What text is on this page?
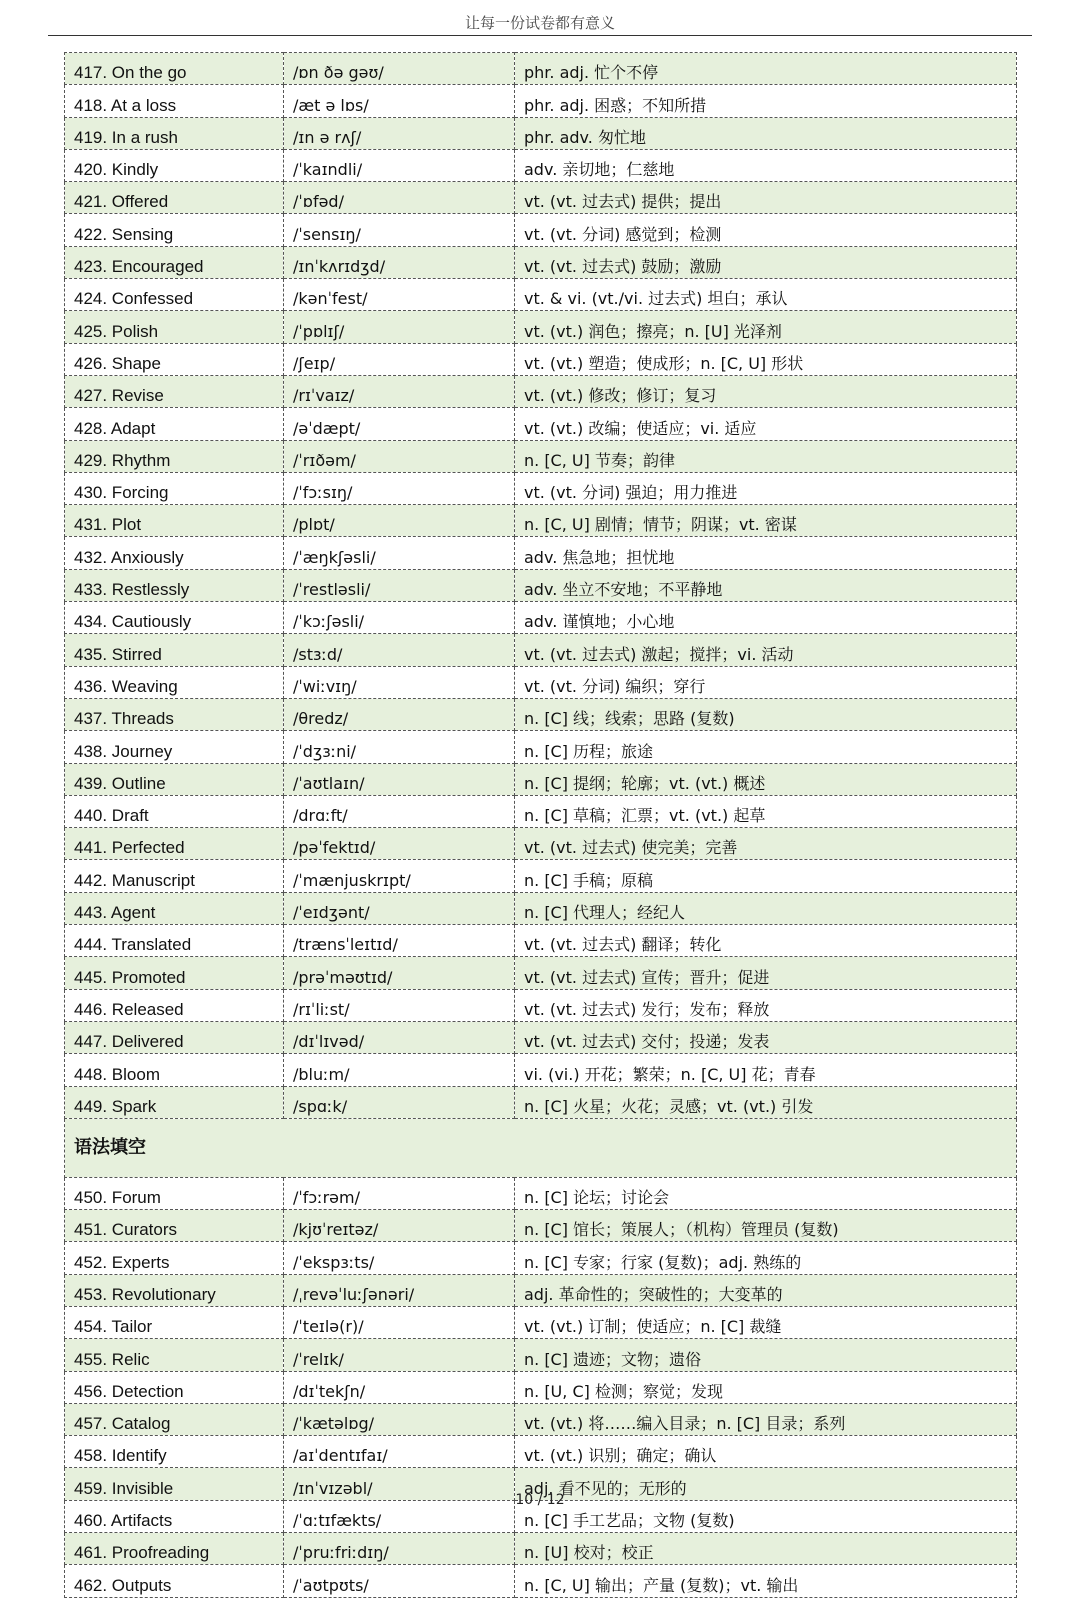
让每一份试卷都有意义
417. On the go	/ɒn ðə gəʊ/	phr. adj. 忙个不停
418. At a loss	/æt ə lɒs/	phr. adj. 困惑；不知所措
419. In a rush	/ɪn ə rʌʃ/	phr. adv. 匆忙地
420. Kindly	/ˈkaɪndli/	adv. 亲切地；仁慈地
421. Offered	/ˈɒfəd/	vt. (vt. 过去式) 提供；提出
422. Sensing	/ˈsensɪŋ/	vt. (vt. 分词) 感觉到；检测
423. Encouraged	/ɪnˈkʌrɪdʒd/	vt. (vt. 过去式) 鼓励；激励
424. Confessed	/kənˈfest/	vt. & vi. (vt./vi. 过去式) 坦白；承认
425. Polish	/ˈpɒlɪʃ/	vt. (vt.) 润色；擦亮；n. [U] 光泽剂
426. Shape	/ʃeɪp/	vt. (vt.) 塑造；使成形；n. [C, U] 形状
427. Revise	/rɪˈvaɪz/	vt. (vt.) 修改；修订；复习
428. Adapt	/əˈdæpt/	vt. (vt.) 改编；使适应；vi. 适应
429. Rhythm	/ˈrɪðəm/	n. [C, U] 节奏；韵律
430. Forcing	/ˈfɔːsɪŋ/	vt. (vt. 分词) 强迫；用力推进
431. Plot	/plɒt/	n. [C, U] 剧情；情节；阴谋；vt. 密谋
432. Anxiously	/ˈæŋkʃəsli/	adv. 焦急地；担忧地
433. Restlessly	/ˈrestləsli/	adv. 坐立不安地；不平静地
434. Cautiously	/ˈkɔːʃəsli/	adv. 谨慎地；小心地
435. Stirred	/stɜːd/	vt. (vt. 过去式) 激起；搅拌；vi. 活动
436. Weaving	/ˈwiːvɪŋ/	vt. (vt. 分词) 编织；穿行
437. Threads	/θredz/	n. [C] 线；线索；思路 (复数)
438. Journey	/ˈdʒɜːni/	n. [C] 历程；旅途
439. Outline	/ˈaʊtlaɪn/	n. [C] 提纲；轮廓；vt. (vt.) 概述
440. Draft	/drɑːft/	n. [C] 草稿；汇票；vt. (vt.) 起草
441. Perfected	/pəˈfektɪd/	vt. (vt. 过去式) 使完美；完善
442. Manuscript	/ˈmænjuskrɪpt/	n. [C] 手稿；原稿
443. Agent	/ˈeɪdʒənt/	n. [C] 代理人；经纪人
444. Translated	/trænsˈleɪtɪd/	vt. (vt. 过去式) 翻译；转化
445. Promoted	/prəˈməʊtɪd/	vt. (vt. 过去式) 宣传；晋升；促进
446. Released	/rɪˈliːst/	vt. (vt. 过去式) 发行；发布；释放
447. Delivered	/dɪˈlɪvəd/	vt. (vt. 过去式) 交付；投递；发表
448. Bloom	/bluːm/	vi. (vi.) 开花；繁荣；n. [C, U] 花；青春
449. Spark	/spɑːk/	n. [C] 火星；火花；灵感；vt. (vt.) 引发
语法填空		
450. Forum	/ˈfɔːrəm/	n. [C] 论坛；讨论会
451. Curators	/kjʊˈreɪtəz/	n. [C] 馆长；策展人；（机构）管理员 (复数)
452. Experts	/ˈekspɜːts/	n. [C] 专家；行家 (复数)；adj. 熟练的
453. Revolutionary	/ˌrevəˈluːʃənəri/	adj. 革命性的；突破性的；大变革的
454. Tailor	/ˈteɪlə(r)/	vt. (vt.) 订制；使适应；n. [C] 裁缝
455. Relic	/ˈrelɪk/	n. [C] 遗迹；文物；遗俗
456. Detection	/dɪˈtekʃn/	n. [U, C] 检测；察觉；发现
457. Catalog	/ˈkætəlɒg/	vt. (vt.) 将……编入目录；n. [C] 目录；系列
458. Identify	/aɪˈdentɪfaɪ/	vt. (vt.) 识别；确定；确认
459. Invisible	/ɪnˈvɪzəbl/	adj. 看不见的；无形的
460. Artifacts	/ˈɑːtɪfækts/	n. [C] 手工艺品；文物 (复数)
461. Proofreading	/ˈpruːfriːdɪŋ/	n. [U] 校对；校正
462. Outputs	/ˈaʊtpʊts/	n. [C, U] 输出；产量 (复数)；vt. 输出
10 / 12
